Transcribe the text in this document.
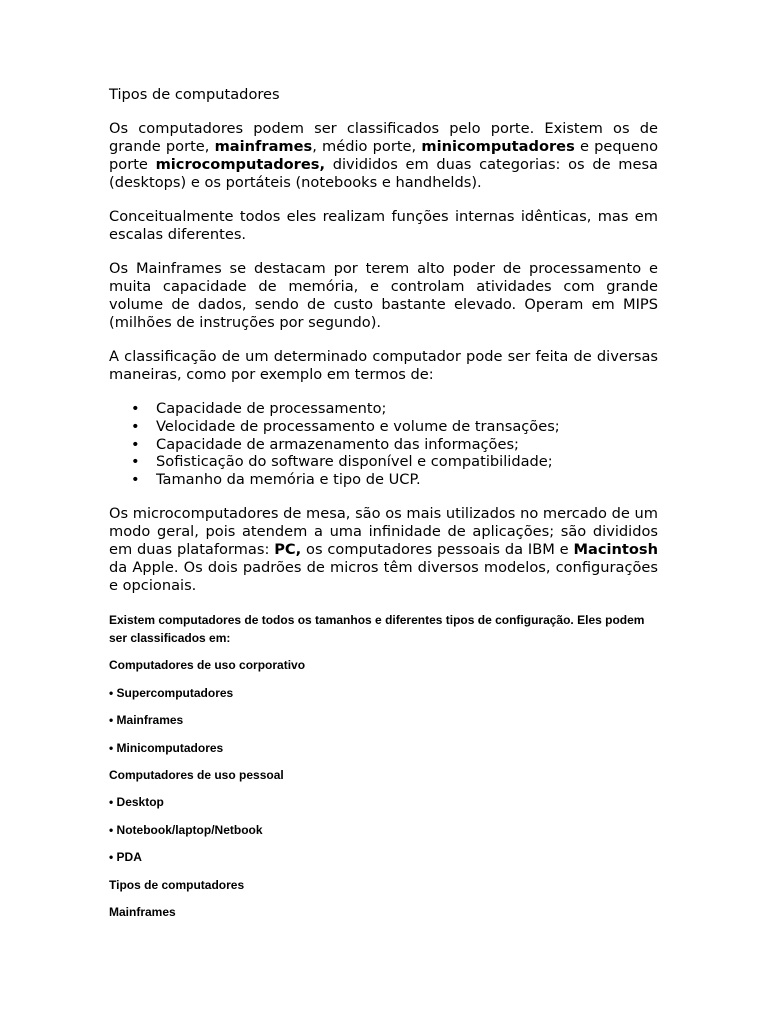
Tipos de computadores

Os computadores podem ser classificados pelo porte. Existem os de grande porte, mainframes, médio porte, minicomputadores e pequeno porte microcomputadores, divididos em duas categorias: os de mesa (desktops) e os portáteis (notebooks e handhelds).

Conceitualmente todos eles realizam funções internas idênticas, mas em escalas diferentes.

Os Mainframes se destacam por terem alto poder de processamento e muita capacidade de memória, e controlam atividades com grande volume de dados, sendo de custo bastante elevado. Operam em MIPS (milhões de instruções por segundo).

A classificação de um determinado computador pode ser feita de diversas maneiras, como por exemplo em termos de:

• Capacidade de processamento;
• Velocidade de processamento e volume de transações;
• Capacidade de armazenamento das informações;
• Sofisticação do software disponível e compatibilidade;
• Tamanho da memória e tipo de UCP.

Os microcomputadores de mesa, são os mais utilizados no mercado de um modo geral, pois atendem a uma infinidade de aplicações; são divididos em duas plataformas: PC, os computadores pessoais da IBM e Macintosh da Apple. Os dois padrões de micros têm diversos modelos, configurações e opcionais.

Existem computadores de todos os tamanhos e diferentes tipos de configuração. Eles podem ser classificados em:

Computadores de uso corporativo

• Supercomputadores

• Mainframes

• Minicomputadores

Computadores de uso pessoal

• Desktop

• Notebook/laptop/Netbook

• PDA

Tipos de computadores

Mainframes
